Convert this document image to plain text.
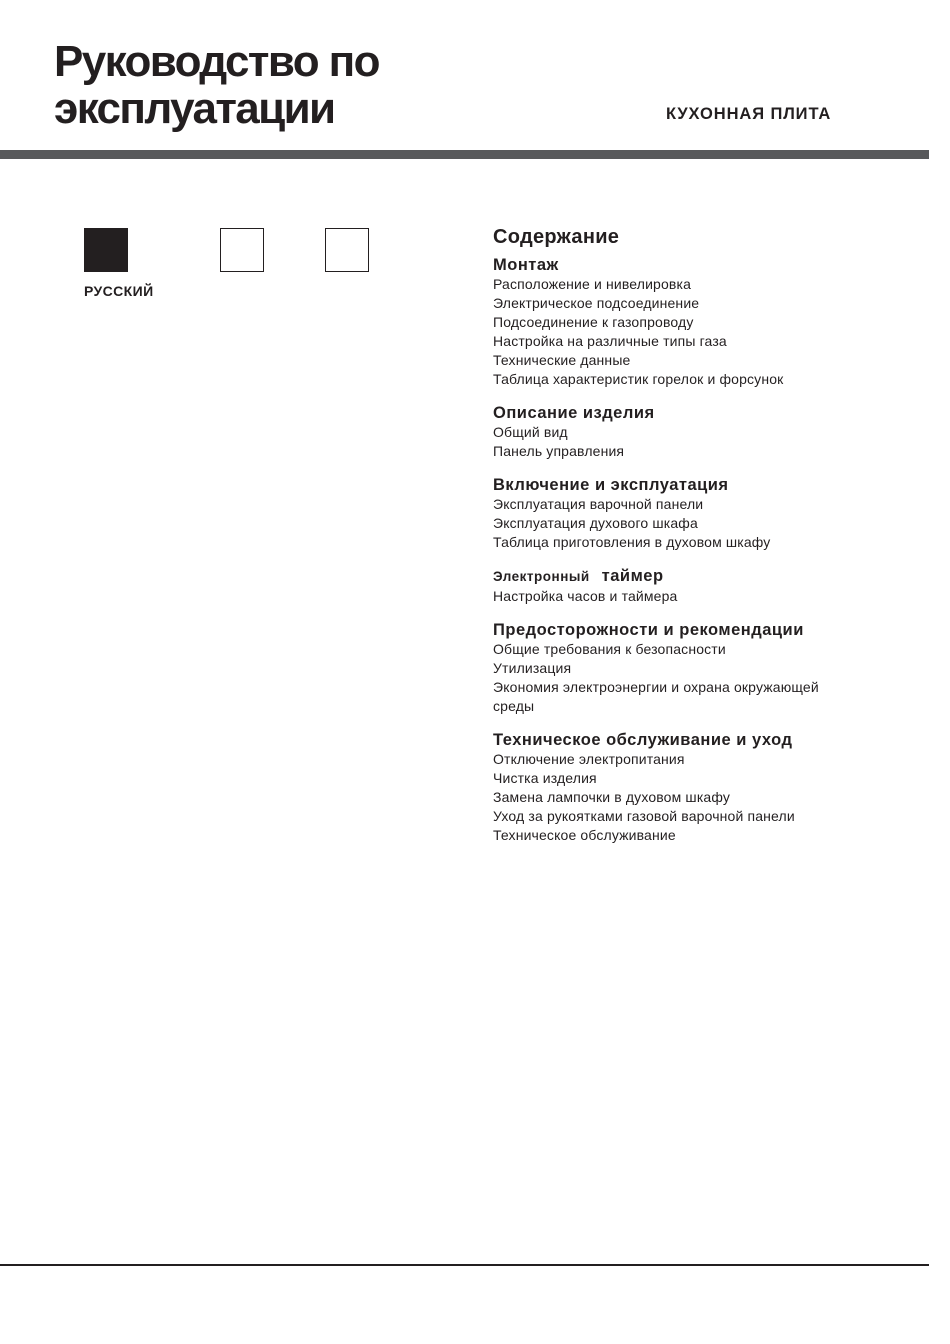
Руководство по
эксплуатации	КУХОННАЯ ПЛИТА
РУССКИЙ
Содержание
Монтаж
Расположение и нивелировка
Электрическое подсоединение
Подсоединение к газопроводу
Настройка на различные типы газа
Технические данные
Таблица характеристик горелок и форсунок
Описание изделия
Общий вид
Панель управления
Включение и эксплуатация
Эксплуатация варочной панели
Эксплуатация духового шкафа
Таблица приготовления в духовом шкафу
Электронный таймер
Настройка часов и таймера
Предосторожности и рекомендации
Общие требования к безопасности
Утилизация
Экономия электроэнергии и охрана окружающей
среды
Техническое обслуживание и уход
Отключение электропитания
Чистка изделия
Замена лампочки в духовом шкафу
Уход за рукоятками газовой варочной панели
Техническое обслуживание
